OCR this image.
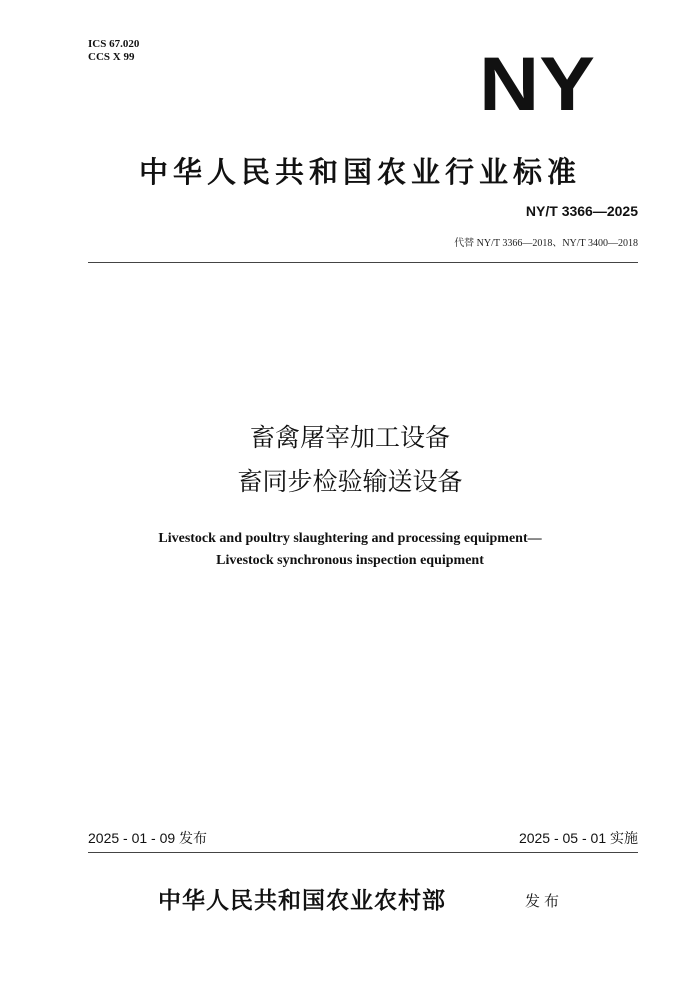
ICS 67.020
CCS X 99	NY
中华人民共和国农业行业标准
NY/T 3366—2025
代替 NY/T 3366—2018、NY/T 3400—2018
畜禽屠宰加工设备
畜同步检验输送设备
Livestock and poultry slaughtering and processing equipment—
Livestock synchronous inspection equipment
2025 - 01 - 09 发布	2025 - 05 - 01 实施
中华人民共和国农业农村部	发布
